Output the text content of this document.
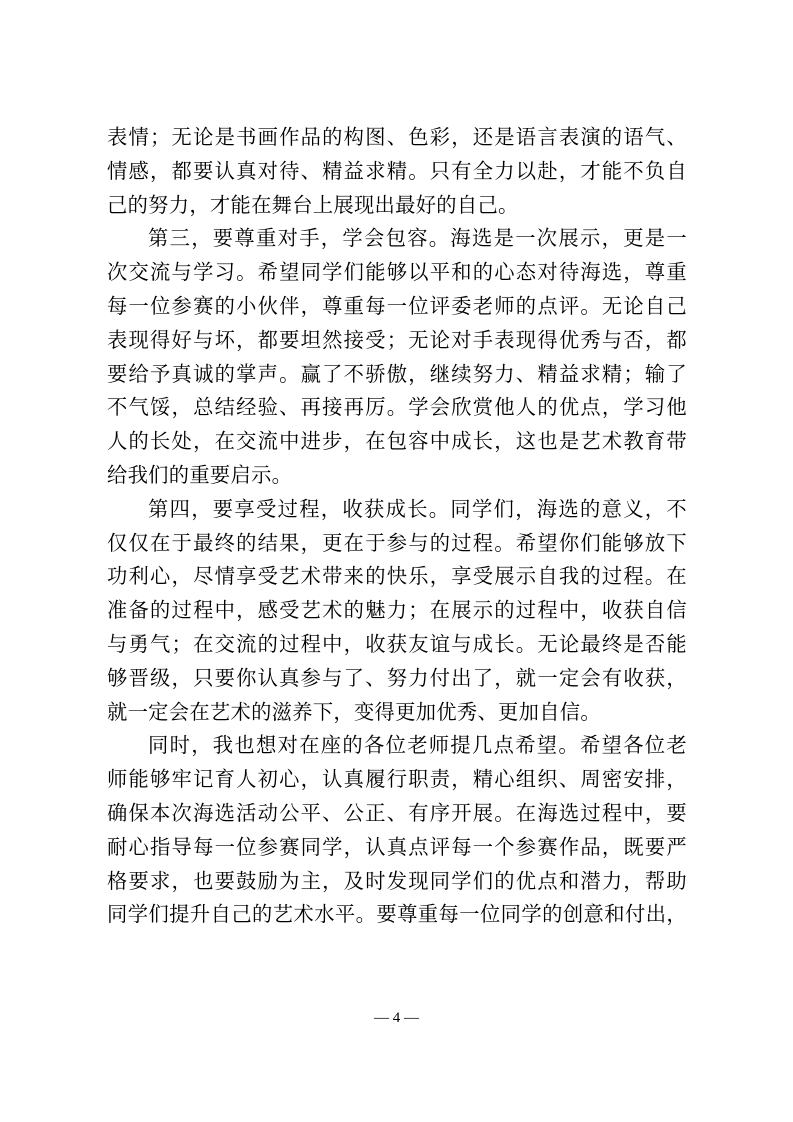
表情；无论是书画作品的构图、色彩，还是语言表演的语气、
情感，都要认真对待、精益求精。只有全力以赴，才能不负自
己的努力，才能在舞台上展现出最好的自己。
第三，要尊重对手，学会包容。海选是一次展示，更是一
次交流与学习。希望同学们能够以平和的心态对待海选，尊重
每一位参赛的小伙伴，尊重每一位评委老师的点评。无论自己
表现得好与坏，都要坦然接受；无论对手表现得优秀与否，都
要给予真诚的掌声。赢了不骄傲，继续努力、精益求精；输了
不气馁，总结经验、再接再厉。学会欣赏他人的优点，学习他
人的长处，在交流中进步，在包容中成长，这也是艺术教育带
给我们的重要启示。
第四，要享受过程，收获成长。同学们，海选的意义，不
仅仅在于最终的结果，更在于参与的过程。希望你们能够放下
功利心，尽情享受艺术带来的快乐，享受展示自我的过程。在
准备的过程中，感受艺术的魅力；在展示的过程中，收获自信
与勇气；在交流的过程中，收获友谊与成长。无论最终是否能
够晋级，只要你认真参与了、努力付出了，就一定会有收获，
就一定会在艺术的滋养下，变得更加优秀、更加自信。
同时，我也想对在座的各位老师提几点希望。希望各位老
师能够牢记育人初心，认真履行职责，精心组织、周密安排，
确保本次海选活动公平、公正、有序开展。在海选过程中，要
耐心指导每一位参赛同学，认真点评每一个参赛作品，既要严
格要求，也要鼓励为主，及时发现同学们的优点和潜力，帮助
同学们提升自己的艺术水平。要尊重每一位同学的创意和付出，
— 4 —
